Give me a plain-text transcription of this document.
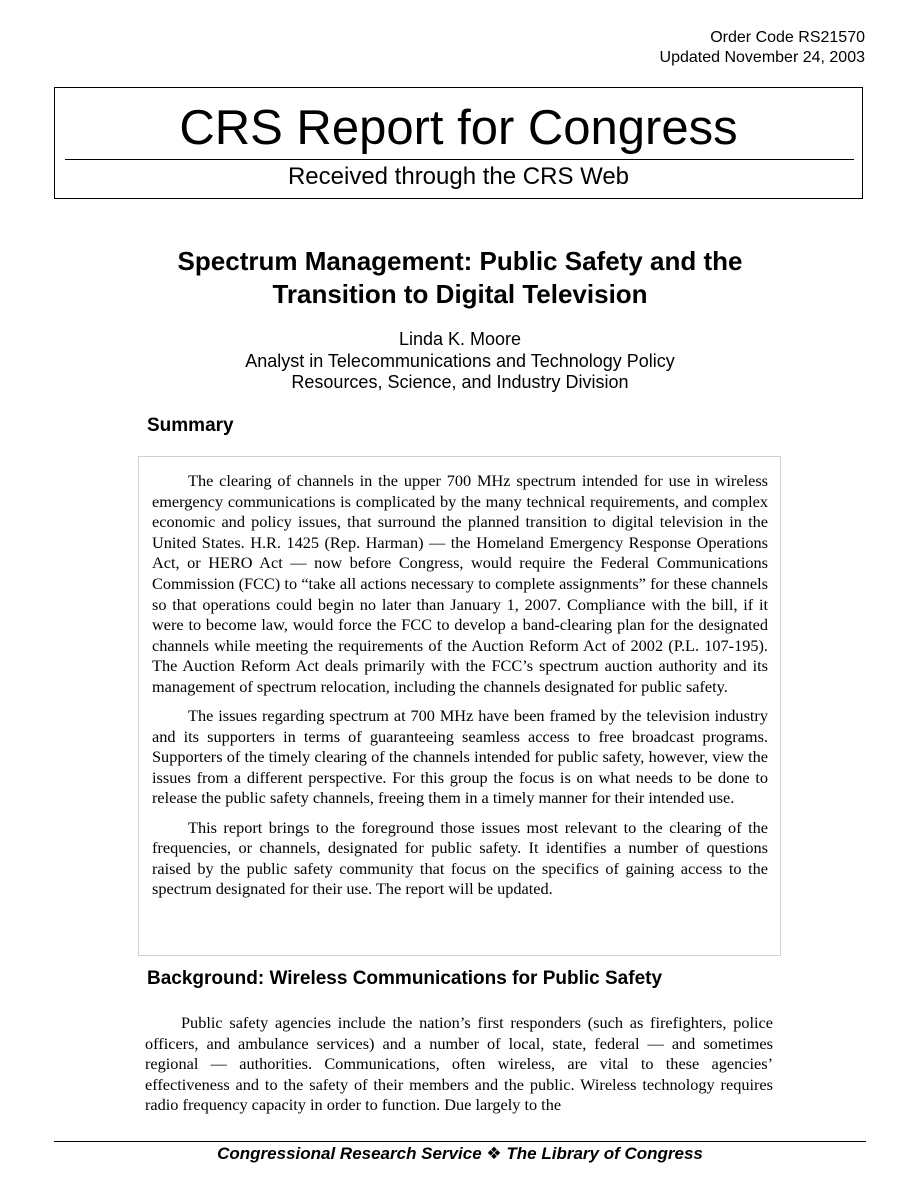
Order Code RS21570
Updated November 24, 2003
CRS Report for Congress
Received through the CRS Web
Spectrum Management: Public Safety and the
Transition to Digital Television
Linda K. Moore
Analyst in Telecommunications and Technology Policy
Resources, Science, and Industry Division
Summary

The clearing of channels in the upper 700 MHz spectrum intended for use in wireless emergency communications is complicated by the many technical requirements, and complex economic and policy issues, that surround the planned transition to digital television in the United States. H.R. 1425 (Rep. Harman) — the Homeland Emergency Response Operations Act, or HERO Act — now before Congress, would require the Federal Communications Commission (FCC) to “take all actions necessary to complete assignments” for these channels so that operations could begin no later than January 1, 2007. Compliance with the bill, if it were to become law, would force the FCC to develop a band-clearing plan for the designated channels while meeting the requirements of the Auction Reform Act of 2002 (P.L. 107-195). The Auction Reform Act deals primarily with the FCC’s spectrum auction authority and its management of spectrum relocation, including the channels designated for public safety.

The issues regarding spectrum at 700 MHz have been framed by the television industry and its supporters in terms of guaranteeing seamless access to free broadcast programs. Supporters of the timely clearing of the channels intended for public safety, however, view the issues from a different perspective. For this group the focus is on what needs to be done to release the public safety channels, freeing them in a timely manner for their intended use.

This report brings to the foreground those issues most relevant to the clearing of the frequencies, or channels, designated for public safety. It identifies a number of questions raised by the public safety community that focus on the specifics of gaining access to the spectrum designated for their use. The report will be updated.

Background: Wireless Communications for Public Safety

Public safety agencies include the nation’s first responders (such as firefighters, police officers, and ambulance services) and a number of local, state, federal — and sometimes regional — authorities. Communications, often wireless, are vital to these agencies’ effectiveness and to the safety of their members and the public. Wireless technology requires radio frequency capacity in order to function. Due largely to the

Congressional Research Service ❖ The Library of Congress
